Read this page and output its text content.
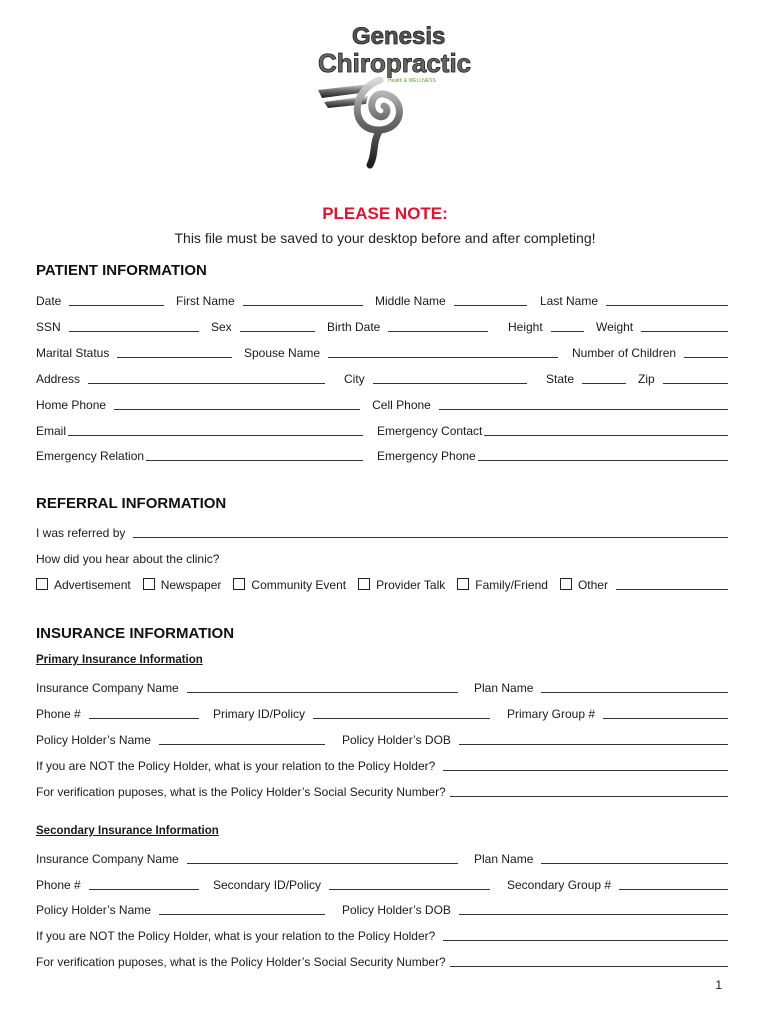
Genesis
Chiropractic
Health & WELLNESS
PLEASE NOTE:
This file must be saved to your desktop before and after completing!
PATIENT INFORMATION
Date	First Name	Middle Name	Last Name
SSN	Sex	Birth Date	Height	Weight
Marital Status	Spouse Name	Number of Children
Address	City	State	Zip
Home Phone	Cell Phone
Email	Emergency Contact
Emergency Relation	Emergency Phone
REFERRAL INFORMATION
I was referred by
How did you hear about the clinic?
Advertisement	Newspaper	Community Event	Provider Talk	Family/Friend	Other
INSURANCE INFORMATION
Primary Insurance Information
Insurance Company Name	Plan Name
Phone #	Primary ID/Policy	Primary Group #
Policy Holder’s Name	Policy Holder’s DOB
If you are NOT the Policy Holder, what is your relation to the Policy Holder?
For verification puposes, what is the Policy Holder’s Social Security Number?
Secondary Insurance Information
Insurance Company Name	Plan Name
Phone #	Secondary ID/Policy	Secondary Group #
Policy Holder’s Name	Policy Holder’s DOB
If you are NOT the Policy Holder, what is your relation to the Policy Holder?
For verification puposes, what is the Policy Holder’s Social Security Number?
1
